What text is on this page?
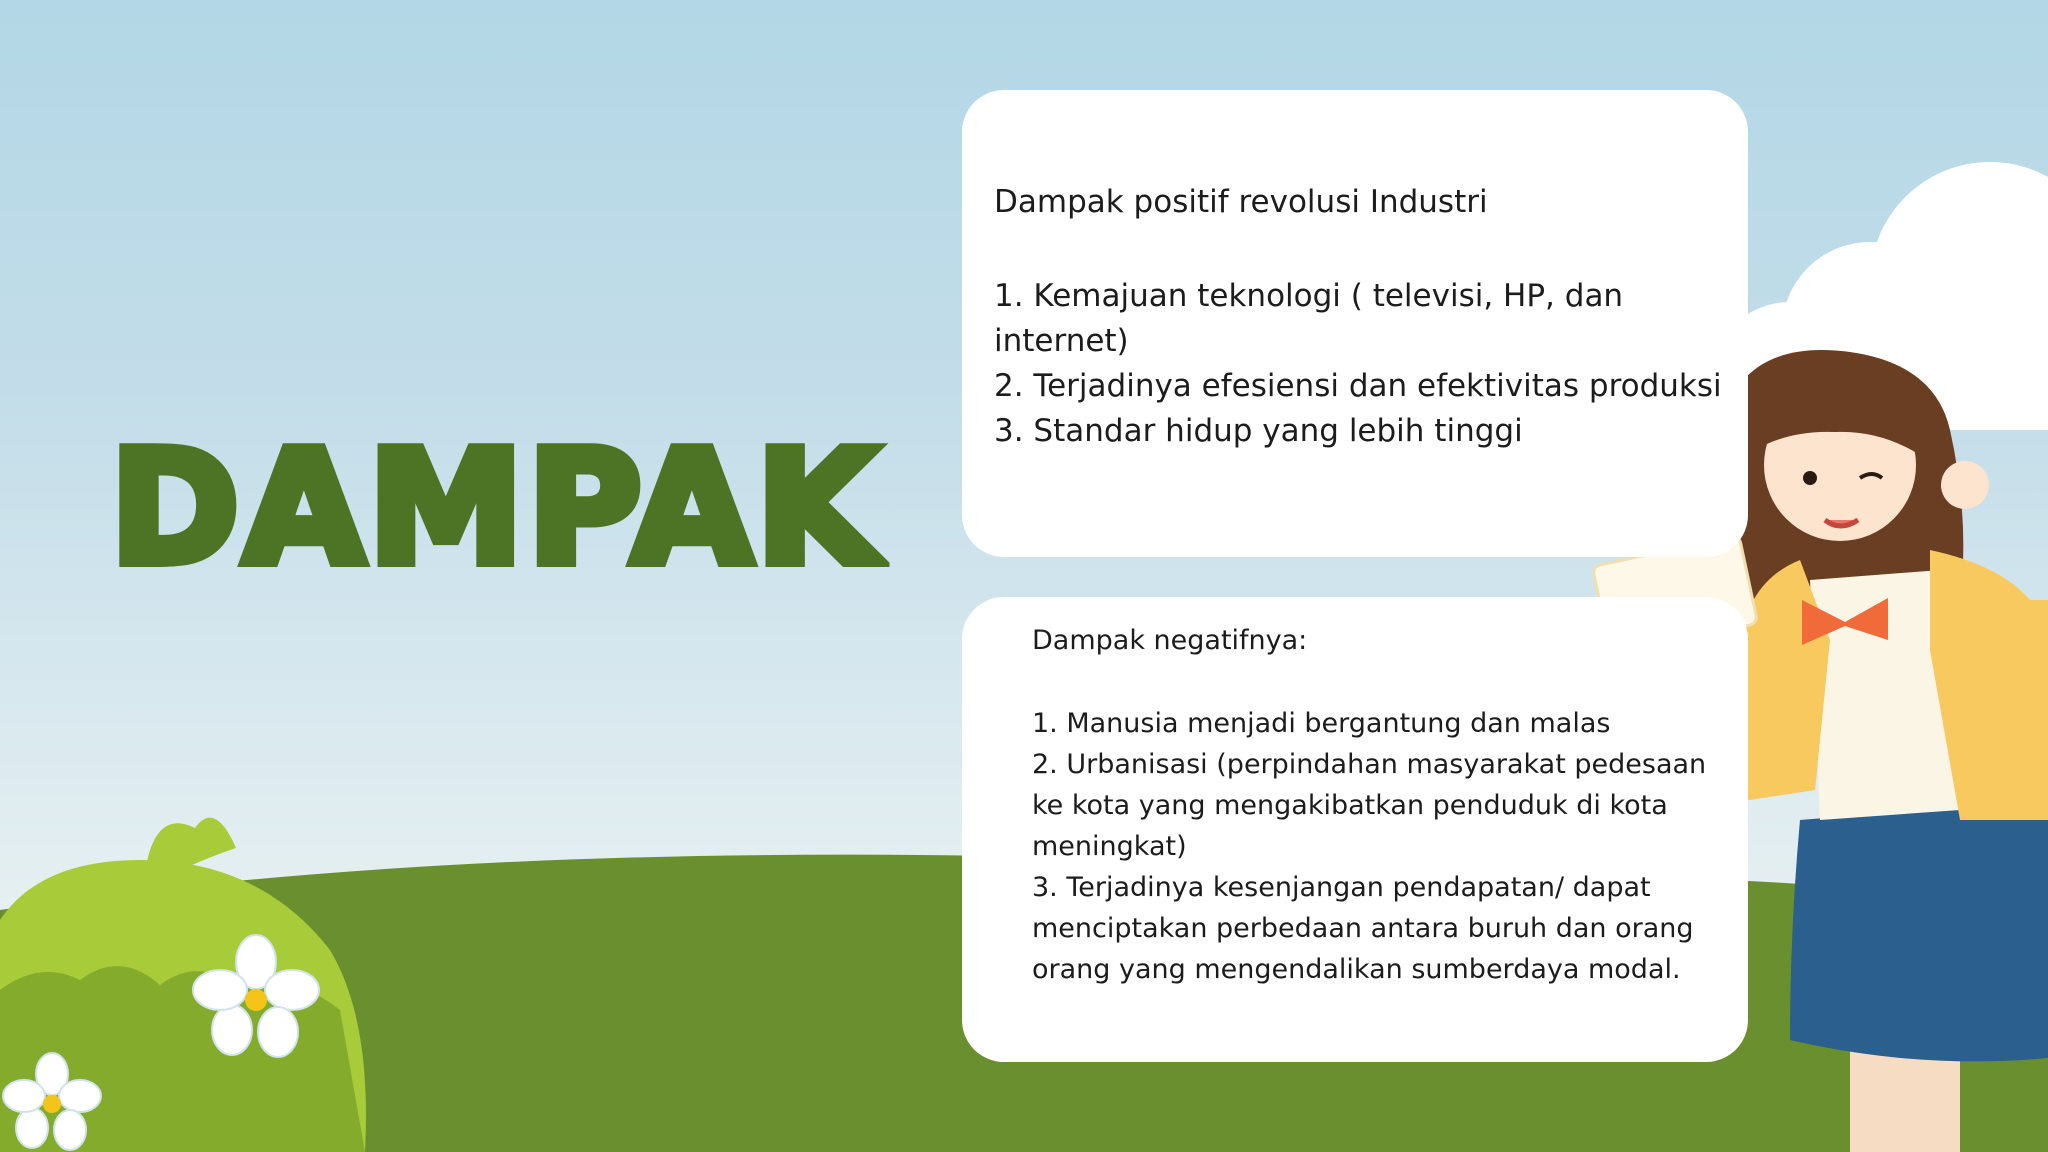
DAMPAK
Dampak positif revolusi Industri
1. Kemajuan teknologi ( televisi, HP, dan internet)
2. Terjadinya efesiensi dan efektivitas produksi
3. Standar hidup yang lebih tinggi
Dampak negatifnya:
1. Manusia menjadi bergantung dan malas
2. Urbanisasi (perpindahan masyarakat pedesaan ke kota yang mengakibatkan penduduk di kota meningkat)
3. Terjadinya kesenjangan pendapatan/ dapat menciptakan perbedaan antara buruh dan orang orang yang mengendalikan sumberdaya modal.
